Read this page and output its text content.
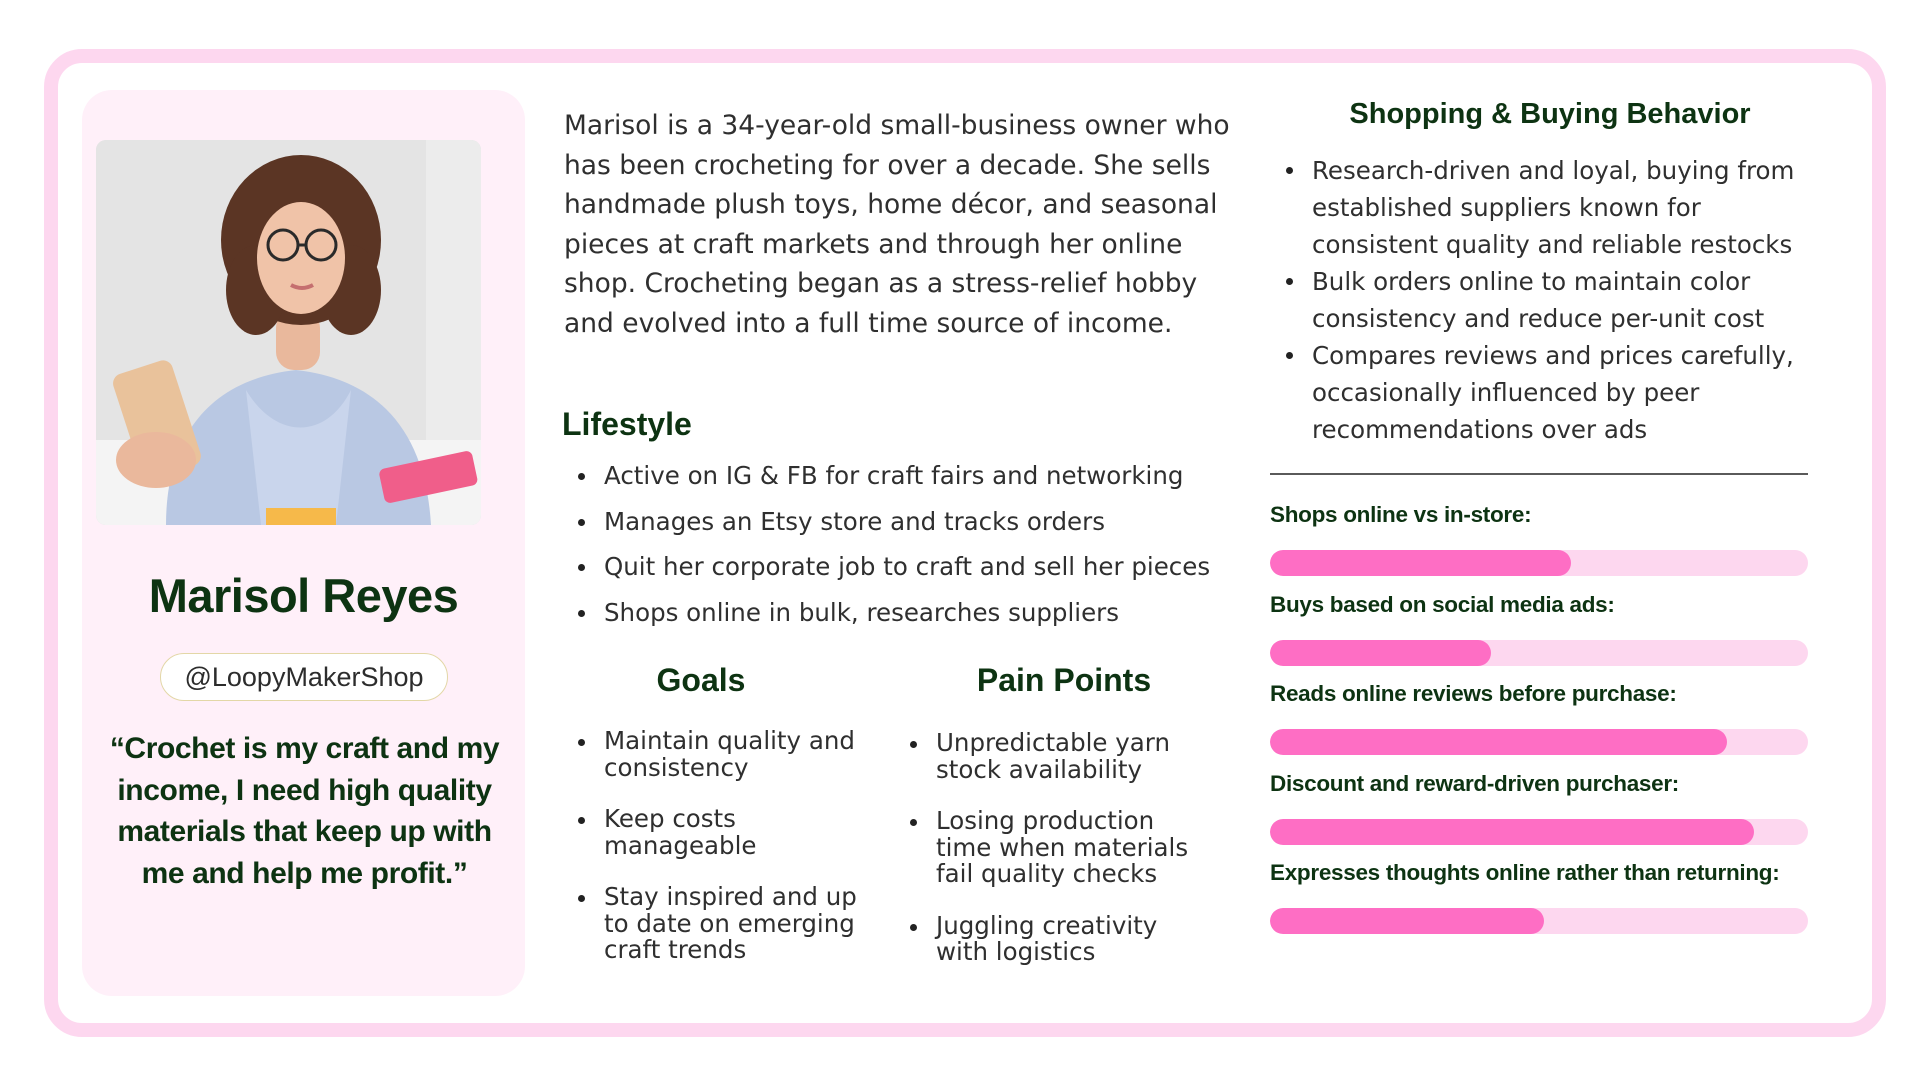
Marisol Reyes
@LoopyMakerShop
“Crochet is my craft and my income, I need high quality materials that keep up with me and help me profit.”

Marisol is a 34-year-old small-business owner who has been crocheting for over a decade. She sells handmade plush toys, home décor, and seasonal pieces at craft markets and through her online shop. Crocheting began as a stress-relief hobby and evolved into a full time source of income.

Lifestyle
Active on IG & FB for craft fairs and networking
Manages an Etsy store and tracks orders
Quit her corporate job to craft and sell her pieces
Shops online in bulk, researches suppliers
Goals
Maintain quality and consistency
Keep costs manageable
Stay inspired and up to date on emerging craft trends
Pain Points
Unpredictable yarn stock availability
Losing production time when materials fail quality checks
Juggling creativity with logistics
Shopping & Buying Behavior
Research-driven and loyal, buying from established suppliers known for consistent quality and reliable restocks
Bulk orders online to maintain color consistency and reduce per-unit cost
Compares reviews and prices carefully, occasionally influenced by peer recommendations over ads
Shops online vs in-store:
Buys based on social media ads:
Reads online reviews before purchase:
Discount and reward-driven purchaser:
Expresses thoughts online rather than returning:
